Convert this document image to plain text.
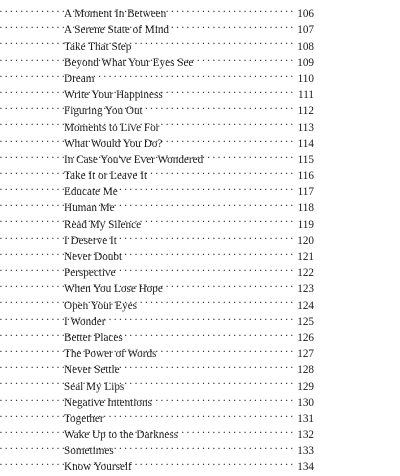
A Moment In Between . . .	106
A Serene State of Mind . . .	107
Take That Step . . .	108
Beyond What Your Eyes See . . .	109
Dream . . .	110
Write Your Happiness . . .	111
Figuring You Out . . .	112
Moments to Live For . . .	113
What Would You Do? . . .	114
In Case You've Ever Wondered . . .	115
Take It or Leave It . . .	116
Educate Me . . .	117
Human Me . . .	118
Read My Silence . . .	119
I Deserve It . . .	120
Never Doubt . . .	121
Perspective . . .	122
When You Lose Hope . . .	123
Open Your Eyes . . .	124
I Wonder . . .	125
Better Places . . .	126
The Power of Words . . .	127
Never Settle . . .	128
Seal My Lips . . .	129
Negative Intentions . . .	130
Together . . .	131
Wake Up to the Darkness . . .	132
Sometimes . . .	133
Know Yourself . . .	134
